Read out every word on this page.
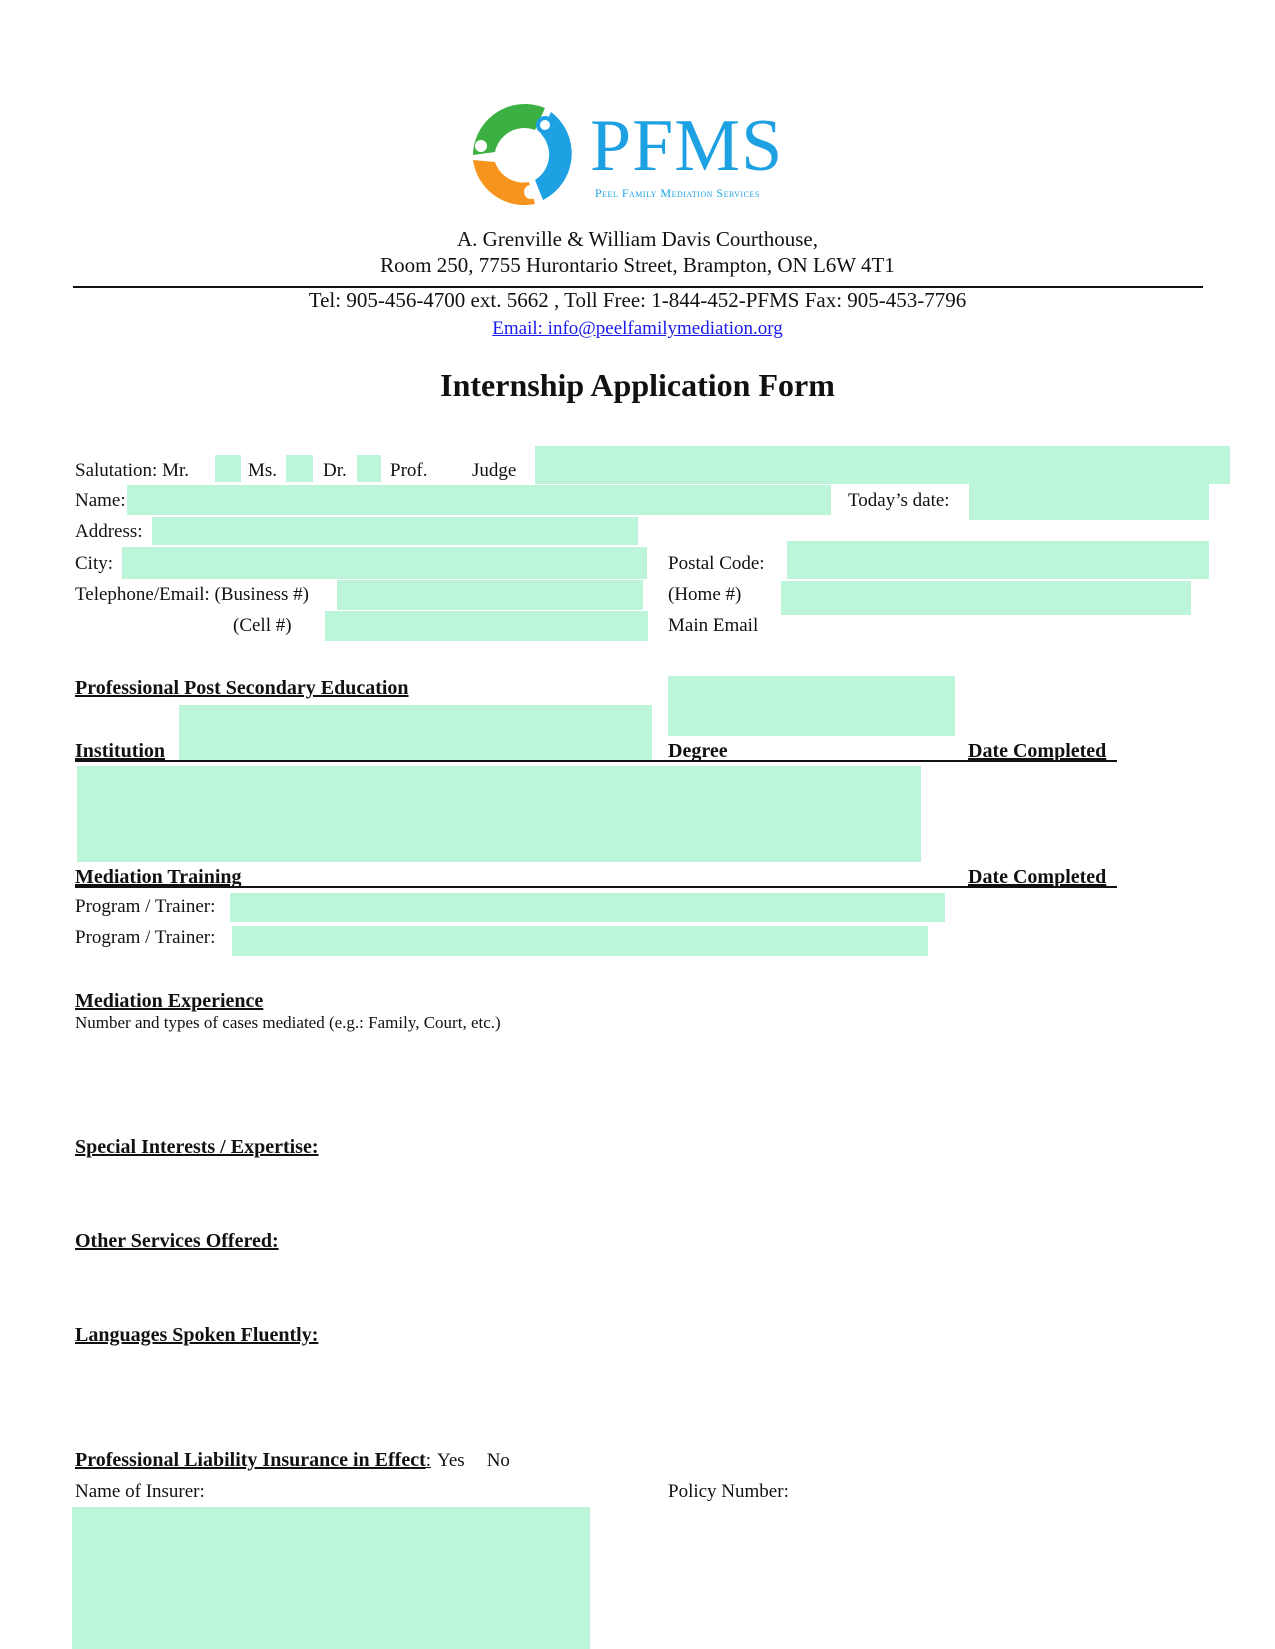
PFMS
Peel Family Mediation Services
A. Grenville & William Davis Courthouse,
Room 250, 7755 Hurontario Street, Brampton, ON L6W 4T1
Tel: 905-456-4700 ext. 5662 , Toll Free: 1-844-452-PFMS Fax: 905-453-7796
Email: info@peelfamilymediation.org
Internship Application Form
Salutation: Mr.	Ms. Dr. Prof. Judge
Name:	Today’s date:
Address:
City:	Postal Code:
Telephone/Email: (Business #)	(Home #)
(Cell #)	Main Email
Professional Post Secondary Education
Institution	Degree	Date Completed
Mediation Training	Date Completed
Program / Trainer:
Program / Trainer:
Mediation Experience
Number and types of cases mediated (e.g.: Family, Court, etc.)
Special Interests / Expertise:
Other Services Offered:
Languages Spoken Fluently:
Professional Liability Insurance in Effect: Yes No
Name of Insurer:	Policy Number:
